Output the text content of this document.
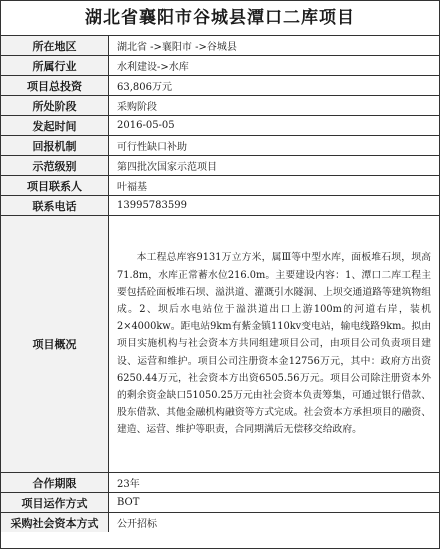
湖北省襄阳市谷城县潭口二库项目
所在地区	湖北省 ->襄阳市 ->谷城县
所属行业	水利建设->水库
项目总投资	63,806万元
所处阶段	采购阶段
发起时间	2016-05-05
回报机制	可行性缺口补助
示范级别	第四批次国家示范项目
项目联系人	叶福基
联系电话	13995783599
项目概况	本工程总库容9131万立方米，属Ⅲ等中型水库，面板堆石坝，坝高71.8m，水库正常蓄水位216.0m。主要建设内容：1、潭口二库工程主要包括砼面板堆石坝、溢洪道、灌溉引水隧洞、上坝交通道路等建筑物组成。2、坝后水电站位于溢洪道出口上游100m的河道右岸，装机2×4000kw。距电站9km有紫金镇110kv变电站，输电线路9km。拟由项目实施机构与社会资本方共同组建项目公司，由项目公司负责项目建设、运营和维护。项目公司注册资本金12756万元，其中：政府方出资6250.44万元，社会资本方出资6505.56万元。项目公司除注册资本外的剩余资金缺口51050.25万元由社会资本负责筹集，可通过银行借款、股东借款、其他金融机构融资等方式完成。社会资本方承担项目的融资、建造、运营、维护等职责，合同期满后无偿移交给政府。
合作期限	23年
项目运作方式	BOT
采购社会资本方式	公开招标
